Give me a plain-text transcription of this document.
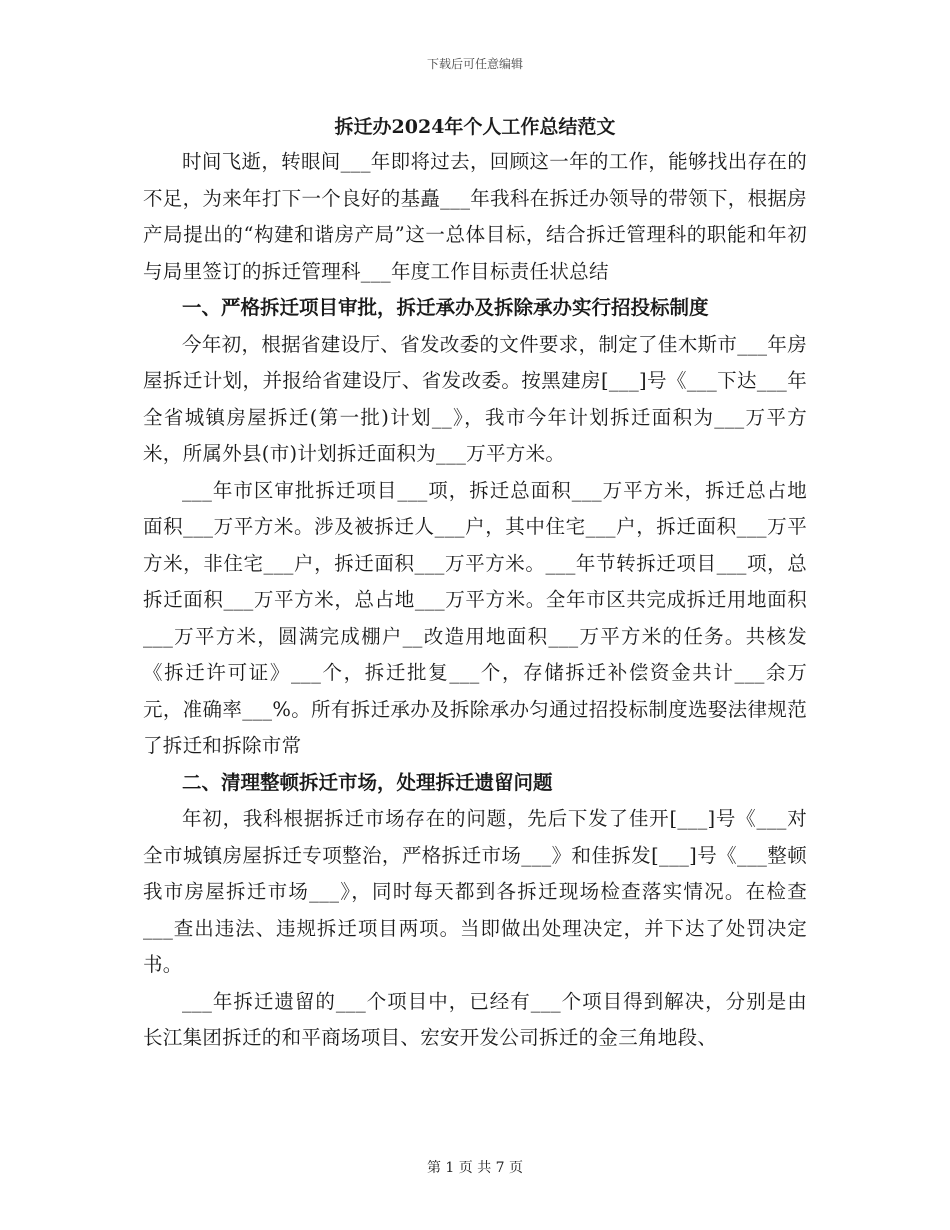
下载后可任意编辑
拆迁办2024年个人工作总结范文

时间飞逝，转眼间___年即将过去，回顾这一年的工作，能够找出存在的不足，为来年打下一个良好的基矗___年我科在拆迁办领导的带领下，根据房产局提出的“构建和谐房产局”这一总体目标，结合拆迁管理科的职能和年初与局里签订的拆迁管理科___年度工作目标责任状总结

一、严格拆迁项目审批，拆迁承办及拆除承办实行招投标制度

今年初，根据省建设厅、省发改委的文件要求，制定了佳木斯市___年房屋拆迁计划，并报给省建设厅、省发改委。按黑建房[___]号《___下达___年全省城镇房屋拆迁(第一批)计划__》，我市今年计划拆迁面积为___万平方米，所属外县(市)计划拆迁面积为___万平方米。

___年市区审批拆迁项目___项，拆迁总面积___万平方米，拆迁总占地面积___万平方米。涉及被拆迁人___户，其中住宅___户，拆迁面积___万平方米，非住宅___户，拆迁面积___万平方米。___年节转拆迁项目___项，总拆迁面积___万平方米，总占地___万平方米。全年市区共完成拆迁用地面积___万平方米，圆满完成棚户__改造用地面积___万平方米的任务。共核发《拆迁许可证》___个，拆迁批复___个，存储拆迁补偿资金共计___余万元，准确率___%。所有拆迁承办及拆除承办匀通过招投标制度选娶法律规范了拆迁和拆除市常

二、清理整顿拆迁市场，处理拆迁遗留问题

年初，我科根据拆迁市场存在的问题，先后下发了佳开[___]号《___对全市城镇房屋拆迁专项整治，严格拆迁市场___》和佳拆发[___]号《___整顿我市房屋拆迁市场___》，同时每天都到各拆迁现场检查落实情况。在检查___查出违法、违规拆迁项目两项。当即做出处理决定，并下达了处罚决定书。

___年拆迁遗留的___个项目中，已经有___个项目得到解决，分别是由长江集团拆迁的和平商场项目、宏安开发公司拆迁的金三角地段、

第 1 页 共 7 页
